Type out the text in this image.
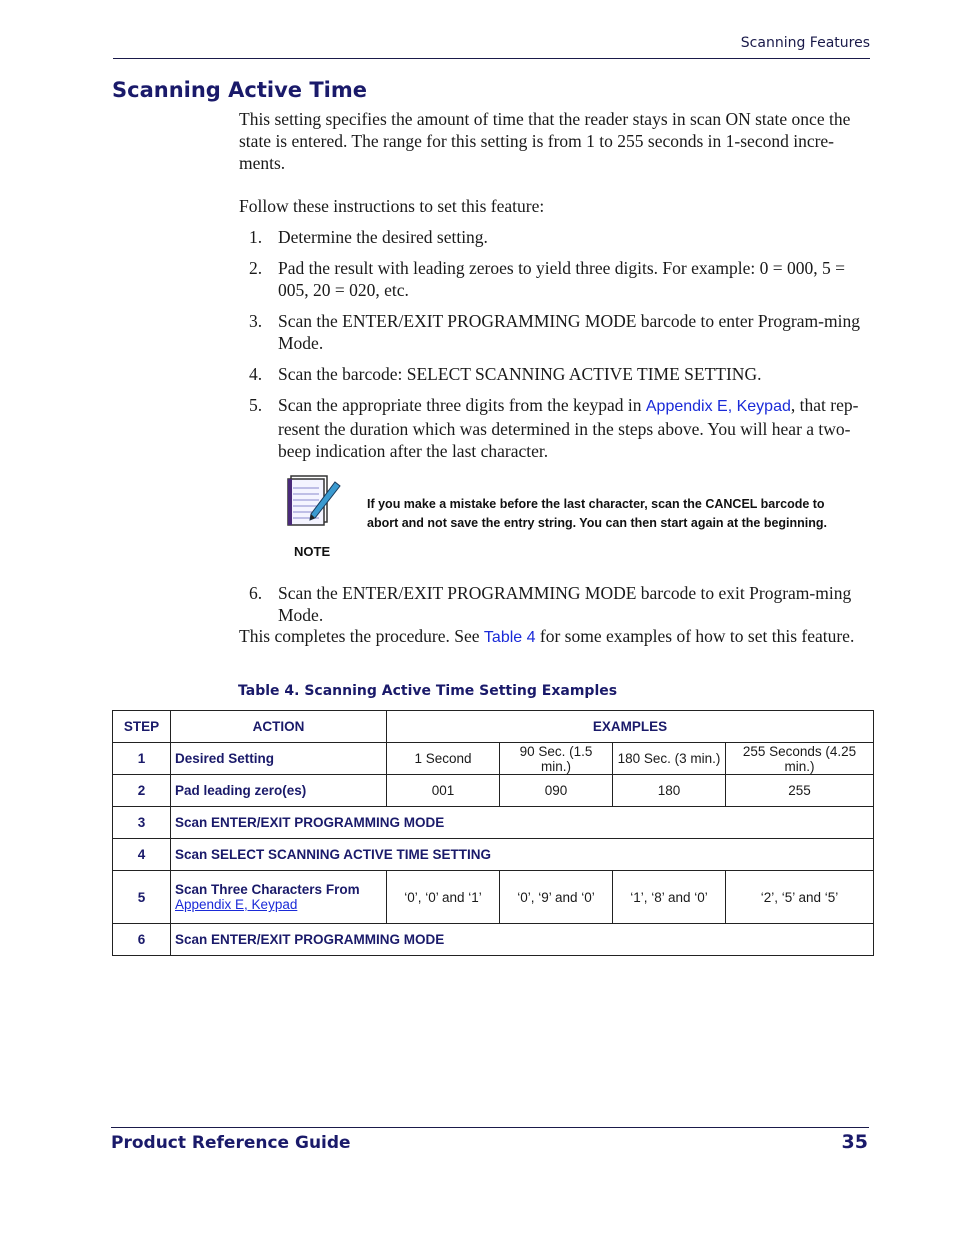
Scanning Features
Scanning Active Time
This setting specifies the amount of time that the reader stays in scan ON state once the state is entered. The range for this setting is from 1 to 255 seconds in 1-second incre-ments.
Follow these instructions to set this feature:
1. Determine the desired setting.
2. Pad the result with leading zeroes to yield three digits. For example: 0 = 000, 5 = 005, 20 = 020, etc.
3. Scan the ENTER/EXIT PROGRAMMING MODE barcode to enter Program-ming Mode.
4. Scan the barcode: SELECT SCANNING ACTIVE TIME SETTING.
5. Scan the appropriate three digits from the keypad in Appendix E, Keypad, that rep-resent the duration which was determined in the steps above. You will hear a two-beep indication after the last character.
NOTE
If you make a mistake before the last character, scan the CANCEL barcode to abort and not save the entry string. You can then start again at the beginning.
6. Scan the ENTER/EXIT PROGRAMMING MODE barcode to exit Program-ming Mode.
This completes the procedure. See Table 4 for some examples of how to set this feature.
Table 4. Scanning Active Time Setting Examples
STEP	ACTION	EXAMPLES			
1	Desired Setting	1 Second	90 Sec. (1.5 min.)	180 Sec. (3 min.)	255 Seconds (4.25 min.)
2	Pad leading zero(es)	001	090	180	255
3	Scan ENTER/EXIT PROGRAMMING MODE				
4	Scan SELECT SCANNING ACTIVE TIME SETTING				
5	Scan Three Characters From
Appendix E, Keypad	‘0’, ‘0’ and ‘1’	‘0’, ‘9’ and ‘0’	‘1’, ‘8’ and ‘0’	‘2’, ‘5’ and ‘5’
6	Scan ENTER/EXIT PROGRAMMING MODE				
Product Reference Guide	35
